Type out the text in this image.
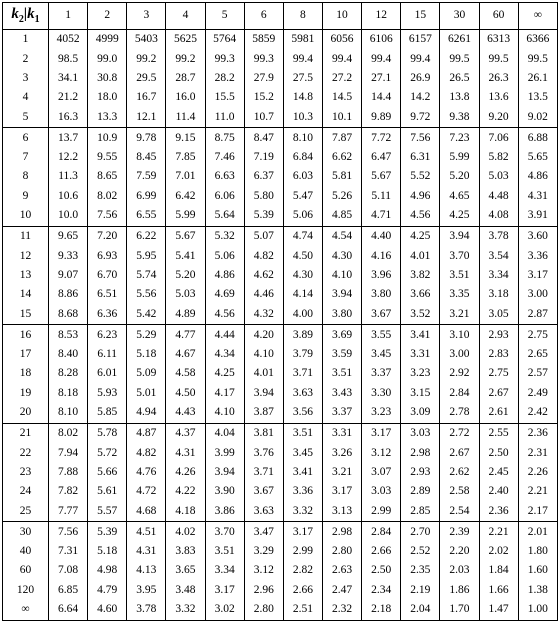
$k_2|k_1$	1	2	3	4	5	6	8	10	12	15	30	60	∞
1	4052	4999	5403	5625	5764	5859	5981	6056	6106	6157	6261	6313	6366
2	98.5	99.0	99.2	99.2	99.3	99.3	99.4	99.4	99.4	99.4	99.5	99.5	99.5
3	34.1	30.8	29.5	28.7	28.2	27.9	27.5	27.2	27.1	26.9	26.5	26.3	26.1
4	21.2	18.0	16.7	16.0	15.5	15.2	14.8	14.5	14.4	14.2	13.8	13.6	13.5
5	16.3	13.3	12.1	11.4	11.0	10.7	10.3	10.1	9.89	9.72	9.38	9.20	9.02
6	13.7	10.9	9.78	9.15	8.75	8.47	8.10	7.87	7.72	7.56	7.23	7.06	6.88
7	12.2	9.55	8.45	7.85	7.46	7.19	6.84	6.62	6.47	6.31	5.99	5.82	5.65
8	11.3	8.65	7.59	7.01	6.63	6.37	6.03	5.81	5.67	5.52	5.20	5.03	4.86
9	10.6	8.02	6.99	6.42	6.06	5.80	5.47	5.26	5.11	4.96	4.65	4.48	4.31
10	10.0	7.56	6.55	5.99	5.64	5.39	5.06	4.85	4.71	4.56	4.25	4.08	3.91
11	9.65	7.20	6.22	5.67	5.32	5.07	4.74	4.54	4.40	4.25	3.94	3.78	3.60
12	9.33	6.93	5.95	5.41	5.06	4.82	4.50	4.30	4.16	4.01	3.70	3.54	3.36
13	9.07	6.70	5.74	5.20	4.86	4.62	4.30	4.10	3.96	3.82	3.51	3.34	3.17
14	8.86	6.51	5.56	5.03	4.69	4.46	4.14	3.94	3.80	3.66	3.35	3.18	3.00
15	8.68	6.36	5.42	4.89	4.56	4.32	4.00	3.80	3.67	3.52	3.21	3.05	2.87
16	8.53	6.23	5.29	4.77	4.44	4.20	3.89	3.69	3.55	3.41	3.10	2.93	2.75
17	8.40	6.11	5.18	4.67	4.34	4.10	3.79	3.59	3.45	3.31	3.00	2.83	2.65
18	8.28	6.01	5.09	4.58	4.25	4.01	3.71	3.51	3.37	3.23	2.92	2.75	2.57
19	8.18	5.93	5.01	4.50	4.17	3.94	3.63	3.43	3.30	3.15	2.84	2.67	2.49
20	8.10	5.85	4.94	4.43	4.10	3.87	3.56	3.37	3.23	3.09	2.78	2.61	2.42
21	8.02	5.78	4.87	4.37	4.04	3.81	3.51	3.31	3.17	3.03	2.72	2.55	2.36
22	7.94	5.72	4.82	4.31	3.99	3.76	3.45	3.26	3.12	2.98	2.67	2.50	2.31
23	7.88	5.66	4.76	4.26	3.94	3.71	3.41	3.21	3.07	2.93	2.62	2.45	2.26
24	7.82	5.61	4.72	4.22	3.90	3.67	3.36	3.17	3.03	2.89	2.58	2.40	2.21
25	7.77	5.57	4.68	4.18	3.86	3.63	3.32	3.13	2.99	2.85	2.54	2.36	2.17
30	7.56	5.39	4.51	4.02	3.70	3.47	3.17	2.98	2.84	2.70	2.39	2.21	2.01
40	7.31	5.18	4.31	3.83	3.51	3.29	2.99	2.80	2.66	2.52	2.20	2.02	1.80
60	7.08	4.98	4.13	3.65	3.34	3.12	2.82	2.63	2.50	2.35	2.03	1.84	1.60
120	6.85	4.79	3.95	3.48	3.17	2.96	2.66	2.47	2.34	2.19	1.86	1.66	1.38
∞	6.64	4.60	3.78	3.32	3.02	2.80	2.51	2.32	2.18	2.04	1.70	1.47	1.00
